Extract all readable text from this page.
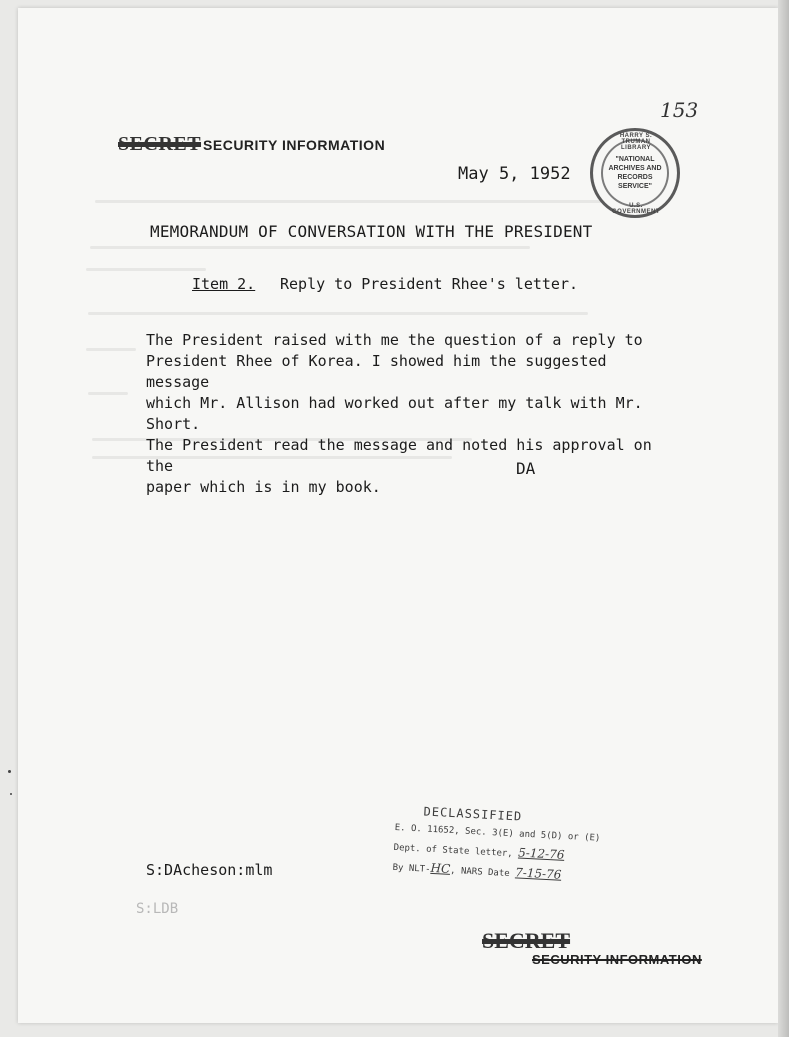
153
SECRET SECURITY INFORMATION
HARRY S. TRUMAN LIBRARY
"NATIONAL
ARCHIVES AND
RECORDS
SERVICE"
U.S. GOVERNMENT
May 5, 1952
MEMORANDUM OF CONVERSATION WITH THE PRESIDENT
Item 2. Reply to President Rhee's letter.
The President raised with me the question of a reply to
President Rhee of Korea. I showed him the suggested message
which Mr. Allison had worked out after my talk with Mr. Short.
The President read the message and noted his approval on the
paper which is in my book.
DA
DECLASSIFIED
E. O. 11652, Sec. 3(E) and 5(D) or (E)
Dept. of State letter, 5-12-76
By NLT-HC, NARS Date 7-15-76
S:DAcheson:mlm
S:LDB
SECRET
SECURITY INFORMATION
